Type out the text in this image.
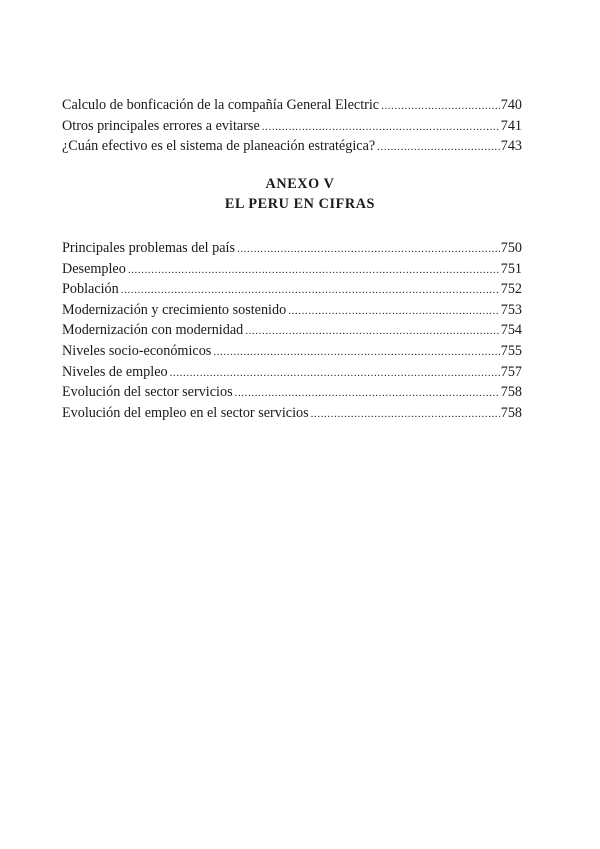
Calculo de bonficación de la compañía General Electric .....	740
Otros principales errores a evitarse .....	741
¿Cuán efectivo es el sistema de planeación estratégica? .....	743
ANEXO V
EL PERU EN CIFRAS
Principales problemas del país .....	750
Desempleo .....	751
Población .....	752
Modernización y crecimiento sostenido .....	753
Modernización con modernidad .....	754
Niveles socio-económicos .....	755
Niveles de empleo .....	757
Evolución del sector servicios .....	758
Evolución del empleo en el sector servicios .....	758
